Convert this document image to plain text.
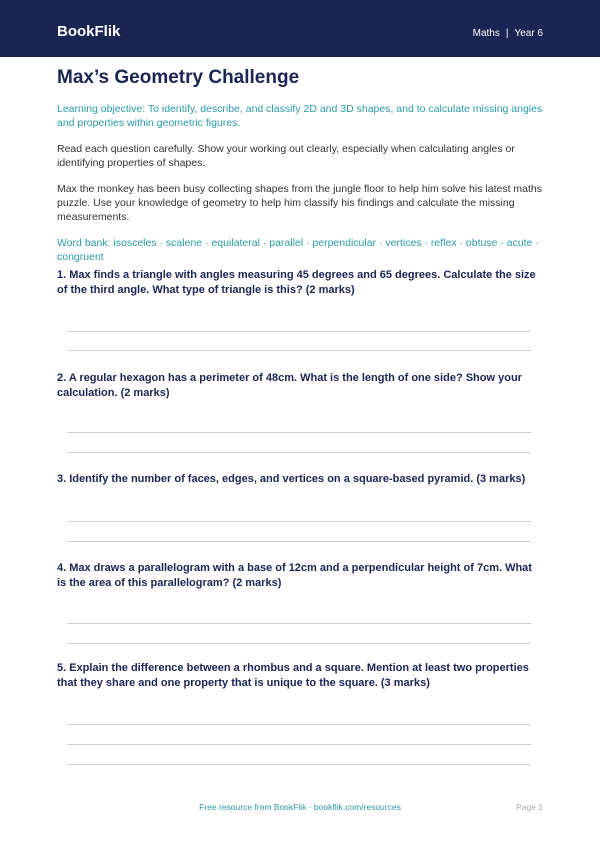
BookFlik	Maths | Year 6
Max’s Geometry Challenge
Learning objective: To identify, describe, and classify 2D and 3D shapes, and to calculate missing angles and properties within geometric figures.
Read each question carefully. Show your working out clearly, especially when calculating angles or identifying properties of shapes.
Max the monkey has been busy collecting shapes from the jungle floor to help him solve his latest maths puzzle. Use your knowledge of geometry to help him classify his findings and calculate the missing measurements.
Word bank: isosceles · scalene · equilateral · parallel · perpendicular · vertices · reflex · obtuse · acute · congruent
1. Max finds a triangle with angles measuring 45 degrees and 65 degrees. Calculate the size of the third angle. What type of triangle is this? (2 marks)
2. A regular hexagon has a perimeter of 48cm. What is the length of one side? Show your calculation. (2 marks)
3. Identify the number of faces, edges, and vertices on a square-based pyramid. (3 marks)
4. Max draws a parallelogram with a base of 12cm and a perpendicular height of 7cm. What is the area of this parallelogram? (2 marks)
5. Explain the difference between a rhombus and a square. Mention at least two properties that they share and one property that is unique to the square. (3 marks)
Free resource from BookFlik · bookflik.com/resources	Page 1
